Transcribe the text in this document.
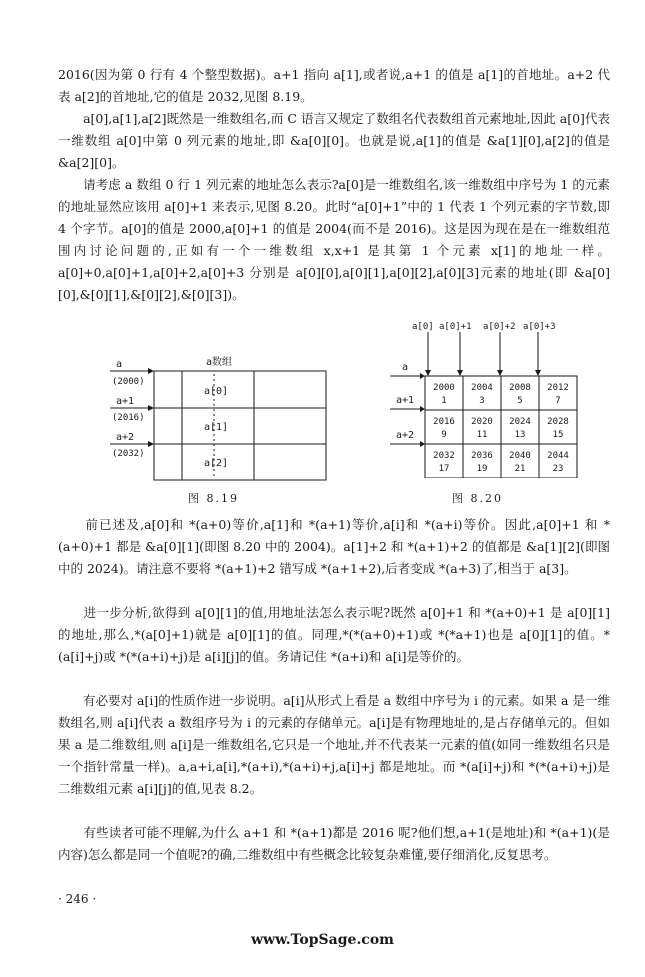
2016(因为第 0 行有 4 个整型数据)。a+1 指向 a[1],或者说,a+1 的值是 a[1]的首地址。a+2 代表 a[2]的首地址,它的值是 2032,见图 8.19。

　　a[0],a[1],a[2]既然是一维数组名,而 C 语言又规定了数组名代表数组首元素地址,因此 a[0]代表一维数组 a[0]中第 0 列元素的地址,即 &a[0][0]。也就是说,a[1]的值是 &a[1][0],a[2]的值是 &a[2][0]。

　　请考虑 a 数组 0 行 1 列元素的地址怎么表示?a[0]是一维数组名,该一维数组中序号为 1 的元素的地址显然应该用 a[0]+1 来表示,见图 8.20。此时“a[0]+1”中的 1 代表 1 个列元素的字节数,即 4 个字节。a[0]的值是 2000,a[0]+1 的值是 2004(而不是 2016)。这是因为现在是在一维数组范围内讨论问题的,正如有一个一维数组 x,x+1 是其第 1 个元素 x[1]的地址一样。a[0]+0,a[0]+1,a[0]+2,a[0]+3 分别是 a[0][0],a[0][1],a[0][2],a[0][3]元素的地址(即 &a[0][0],&[0][1],&[0][2],&[0][3])。

　　前已述及,a[0]和 *(a+0)等价,a[1]和 *(a+1)等价,a[i]和 *(a+i)等价。因此,a[0]+1 和 *(a+0)+1 都是 &a[0][1](即图 8.20 中的 2004)。a[1]+2 和 *(a+1)+2 的值都是 &a[1][2](即图中的 2024)。请注意不要将 *(a+1)+2 错写成 *(a+1+2),后者变成 *(a+3)了,相当于 a[3]。

　　进一步分析,欲得到 a[0][1]的值,用地址法怎么表示呢?既然 a[0]+1 和 *(a+0)+1 是 a[0][1]的地址,那么,*(a[0]+1)就是 a[0][1]的值。同理,*(*(a+0)+1)或 *(*a+1)也是 a[0][1]的值。*(a[i]+j)或 *(*(a+i)+j)是 a[i][j]的值。务请记住 *(a+i)和 a[i]是等价的。

　　有必要对 a[i]的性质作进一步说明。a[i]从形式上看是 a 数组中序号为 i 的元素。如果 a 是一维数组名,则 a[i]代表 a 数组序号为 i 的元素的存储单元。a[i]是有物理地址的,是占存储单元的。但如果 a 是二维数组,则 a[i]是一维数组名,它只是一个地址,并不代表某一元素的值(如同一维数组名只是一个指针常量一样)。a,a+i,a[i],*(a+i),*(a+i)+j,a[i]+j 都是地址。而 *(a[i]+j)和 *(*(a+i)+j)是二维数组元素 a[i][j]的值,见表 8.2。

　　有些读者可能不理解,为什么 a+1 和 *(a+1)都是 2016 呢?他们想,a+1(是地址)和 *(a+1)(是内容)怎么都是同一个值呢?的确,二维数组中有些概念比较复杂难懂,要仔细消化,反复思考。

a数组
a
(2000)
a+1
(2016)
a+2
(2032)
a[0]
a[1]
a[2]
图 8.19
a[0] a[0]+1 a[0]+2 a[0]+3
a
a+1
a+2
2000
1
2004
3
2008
5
2012
7
2016
9
2020
11
2024
13
2028
15
2032
17
2036
19
2040
21
2044
23
图 8.20
· 246 ·
www.TopSage.com
